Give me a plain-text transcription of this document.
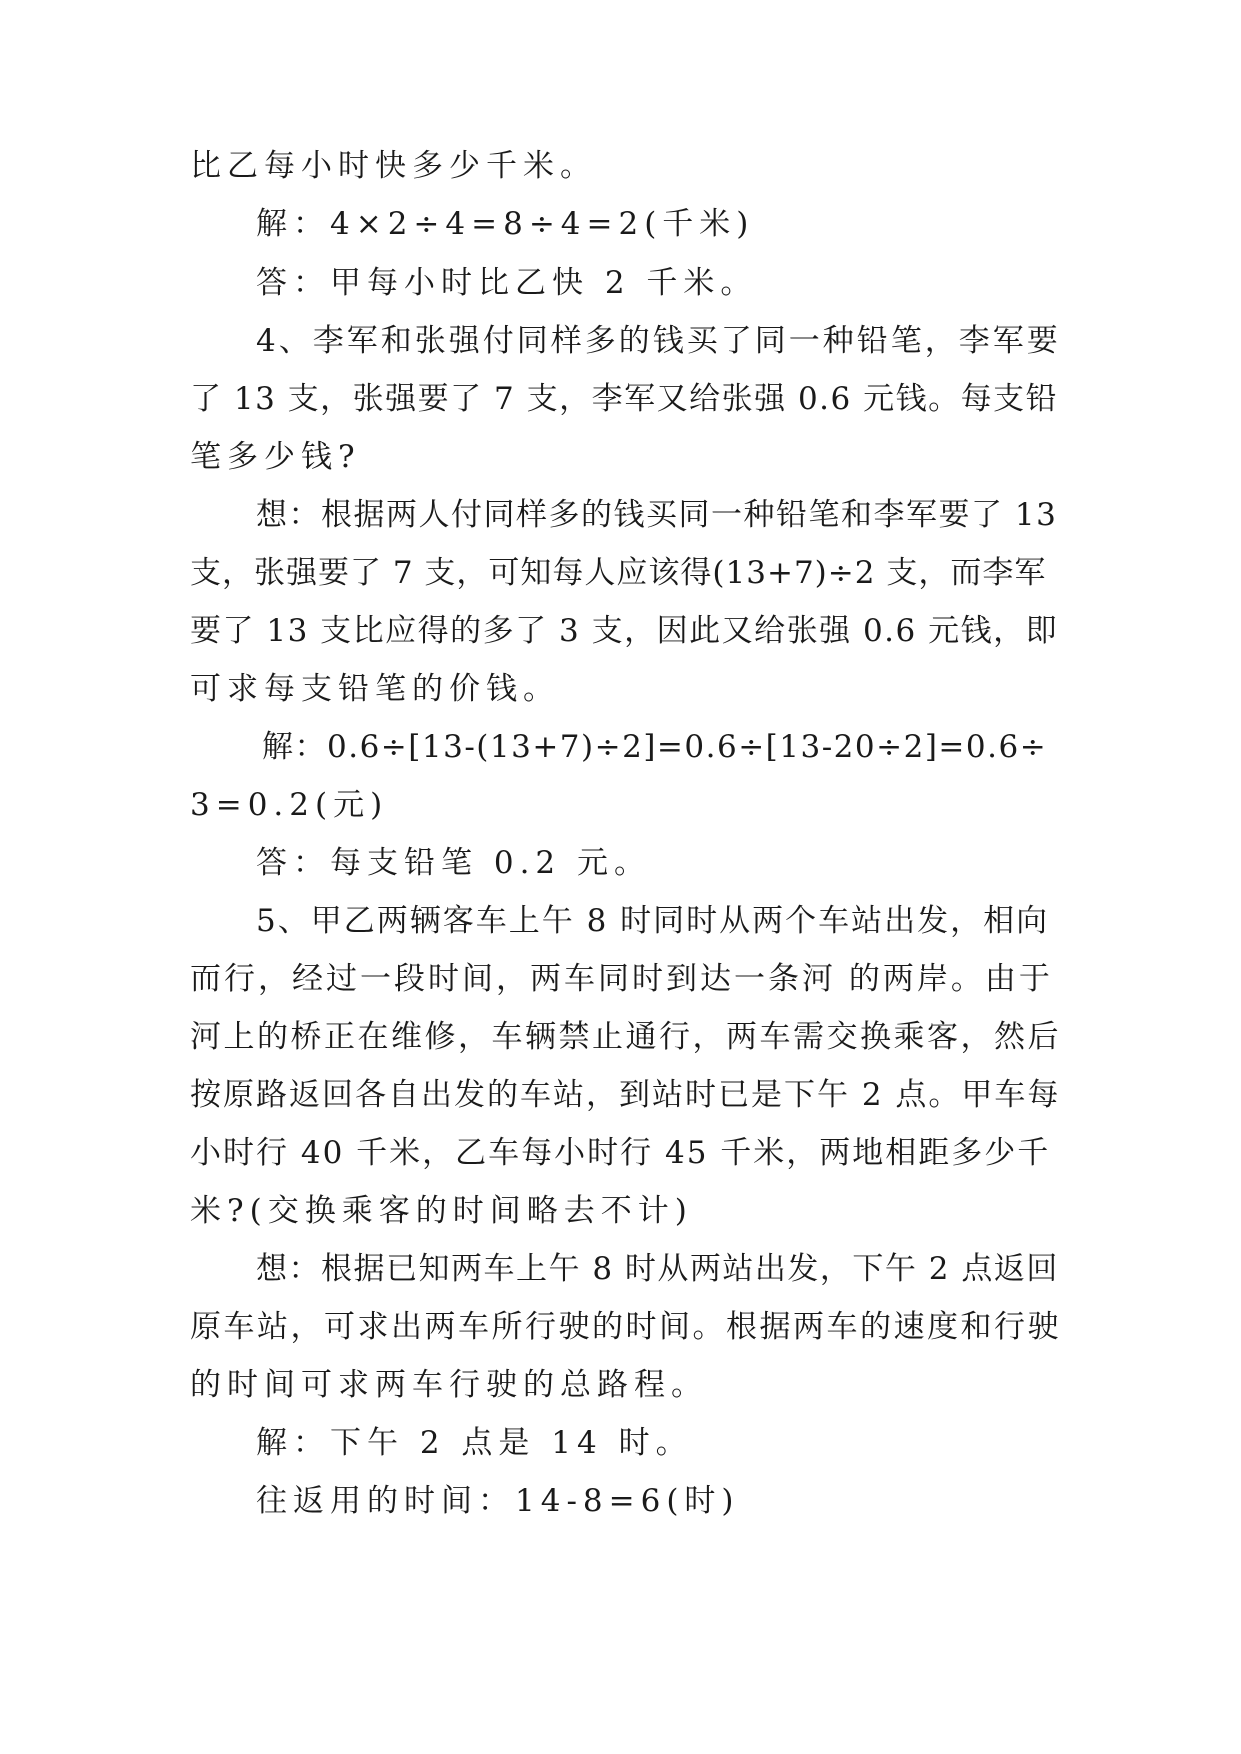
比乙每小时快多少千米。

解：4×2÷4=8÷4=2(千米)

答：甲每小时比乙快 2 千米。

4、李军和张强付同样多的钱买了同一种铅笔，李军要

了 13 支，张强要了 7 支，李军又给张强 0.6 元钱。每支铅

笔多少钱?

想：根据两人付同样多的钱买同一种铅笔和李军要了 13

支，张强要了 7 支，可知每人应该得(13+7)÷2 支，而李军

要了 13 支比应得的多了 3 支，因此又给张强 0.6 元钱，即

可求每支铅笔的价钱。

解：0.6÷[13-(13+7)÷2]=0.6÷[13-20÷2]=0.6÷

3=0.2(元)

答：每支铅笔 0.2 元。

5、甲乙两辆客车上午 8 时同时从两个车站出发，相向

而行，经过一段时间，两车同时到达一条河 的两岸。由于

河上的桥正在维修，车辆禁止通行，两车需交换乘客，然后

按原路返回各自出发的车站，到站时已是下午 2 点。甲车每

小时行 40 千米，乙车每小时行 45 千米，两地相距多少千

米?(交换乘客的时间略去不计)

想：根据已知两车上午 8 时从两站出发，下午 2 点返回

原车站，可求出两车所行驶的时间。根据两车的速度和行驶

的时间可求两车行驶的总路程。

解：下午 2 点是 14 时。

往返用的时间：14-8=6(时)
